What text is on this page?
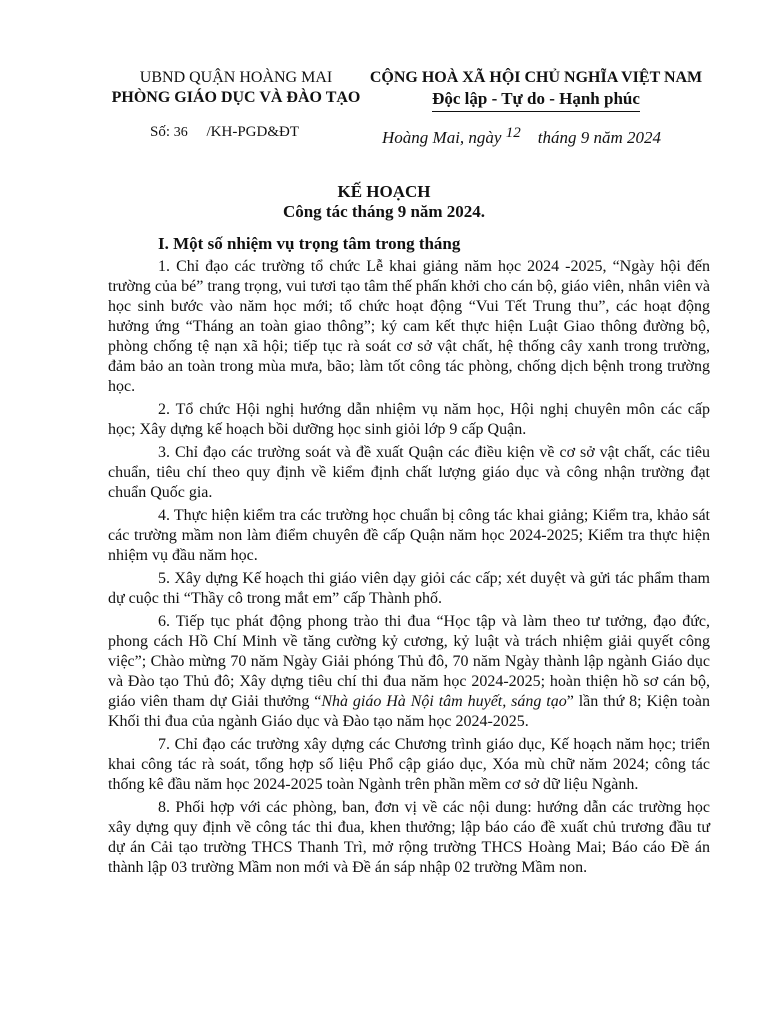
UBND QUẬN HOÀNG MAI
PHÒNG GIÁO DỤC VÀ ĐÀO TẠO
CỘNG HOÀ XÃ HỘI CHỦ NGHĨA VIỆT NAM
Độc lập - Tự do - Hạnh phúc
Số: 36     /KH-PGD&ĐT	Hoàng Mai, ngày 12    tháng 9 năm 2024
KẾ HOẠCH
Công tác tháng 9 năm 2024.
I. Một số nhiệm vụ trọng tâm trong tháng

1. Chỉ đạo các trường tổ chức Lễ khai giảng năm học 2024 -2025, “Ngày hội đến trường của bé” trang trọng, vui tươi tạo tâm thế phấn khởi cho cán bộ, giáo viên, nhân viên và học sinh bước vào năm học mới; tổ chức hoạt động “Vui Tết Trung thu”, các hoạt động hưởng ứng “Tháng an toàn giao thông”; ký cam kết thực hiện Luật Giao thông đường bộ, phòng chống tệ nạn xã hội; tiếp tục rà soát cơ sở vật chất, hệ thống cây xanh trong trường, đảm bảo an toàn trong mùa mưa, bão; làm tốt công tác phòng, chống dịch bệnh trong trường học.

2. Tổ chức Hội nghị hướng dẫn nhiệm vụ năm học, Hội nghị chuyên môn các cấp học; Xây dựng kế hoạch bồi dưỡng học sinh giỏi lớp 9 cấp Quận.

3. Chỉ đạo các trường soát và đề xuất Quận các điều kiện về cơ sở vật chất, các tiêu chuẩn, tiêu chí theo quy định về kiểm định chất lượng giáo dục và công nhận trường đạt chuẩn Quốc gia.

4. Thực hiện kiểm tra các trường học chuẩn bị công tác khai giảng; Kiểm tra, khảo sát các trường mầm non làm điểm chuyên đề cấp Quận năm học 2024-2025; Kiểm tra thực hiện nhiệm vụ đầu năm học.

5. Xây dựng Kế hoạch thi giáo viên dạy giỏi các cấp; xét duyệt và gửi tác phẩm tham dự cuộc thi “Thầy cô trong mắt em” cấp Thành phố.

6. Tiếp tục phát động phong trào thi đua “Học tập và làm theo tư tưởng, đạo đức, phong cách Hồ Chí Minh về tăng cường kỷ cương, kỷ luật và trách nhiệm giải quyết công việc”; Chào mừng 70 năm Ngày Giải phóng Thủ đô, 70 năm Ngày thành lập ngành Giáo dục và Đào tạo Thủ đô; Xây dựng tiêu chí thi đua năm học 2024-2025; hoàn thiện hồ sơ cán bộ, giáo viên tham dự Giải thưởng “Nhà giáo Hà Nội tâm huyết, sáng tạo” lần thứ 8; Kiện toàn Khối thi đua của ngành Giáo dục và Đào tạo năm học 2024-2025.

7. Chỉ đạo các trường xây dựng các Chương trình giáo dục, Kế hoạch năm học; triển khai công tác rà soát, tổng hợp số liệu Phổ cập giáo dục, Xóa mù chữ năm 2024; công tác thống kê đầu năm học 2024-2025 toàn Ngành trên phần mềm cơ sở dữ liệu Ngành.

8. Phối hợp với các phòng, ban, đơn vị về các nội dung: hướng dẫn các trường học xây dựng quy định về công tác thi đua, khen thưởng; lập báo cáo đề xuất chủ trương đầu tư dự án Cải tạo trường THCS Thanh Trì, mở rộng trường THCS Hoàng Mai; Báo cáo Đề án thành lập 03 trường Mầm non mới và Đề án sáp nhập 02 trường Mầm non.
